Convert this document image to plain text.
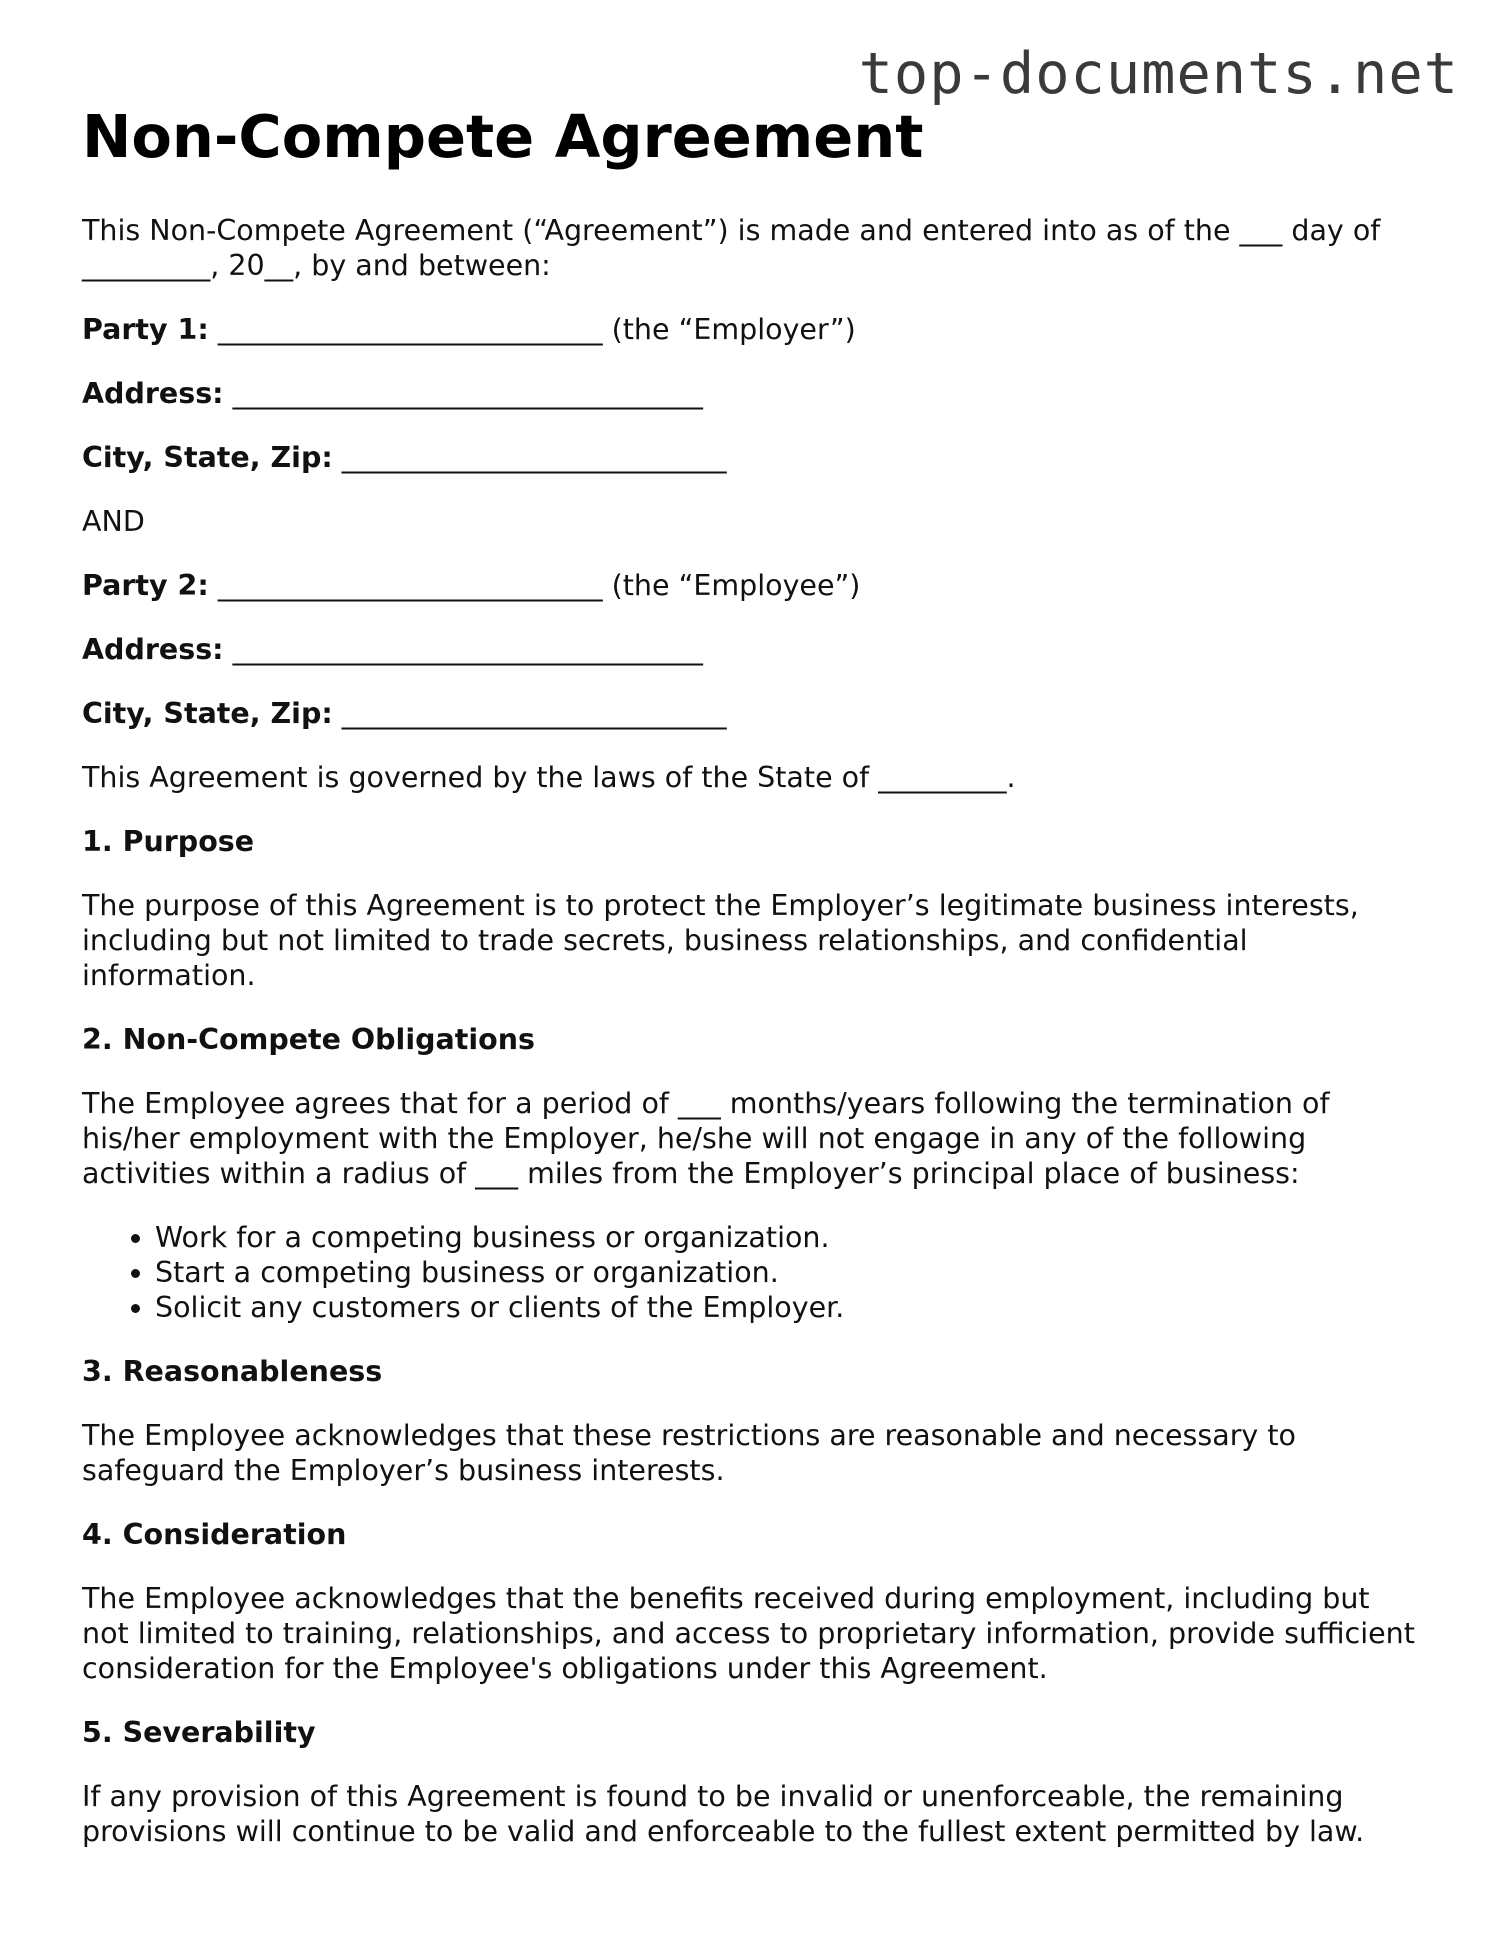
top-documents.net
Non-Compete Agreement

This Non-Compete Agreement (“Agreement”) is made and entered into as of the ___ day of _________, 20__, by and between:

Party 1: ___________________________ (the “Employer”)

Address: _________________________________

City, State, Zip: ___________________________

AND

Party 2: ___________________________ (the “Employee”)

Address: _________________________________

City, State, Zip: ___________________________

This Agreement is governed by the laws of the State of _________.

1. Purpose

The purpose of this Agreement is to protect the Employer’s legitimate business interests, including but not limited to trade secrets, business relationships, and confidential information.

2. Non-Compete Obligations

The Employee agrees that for a period of ___ months/years following the termination of his/her employment with the Employer, he/she will not engage in any of the following activities within a radius of ___ miles from the Employer’s principal place of business:

• Work for a competing business or organization.
• Start a competing business or organization.
• Solicit any customers or clients of the Employer.
3. Reasonableness

The Employee acknowledges that these restrictions are reasonable and necessary to safeguard the Employer’s business interests.

4. Consideration

The Employee acknowledges that the benefits received during employment, including but not limited to training, relationships, and access to proprietary information, provide sufficient consideration for the Employee's obligations under this Agreement.

5. Severability

If any provision of this Agreement is found to be invalid or unenforceable, the remaining provisions will continue to be valid and enforceable to the fullest extent permitted by law.
